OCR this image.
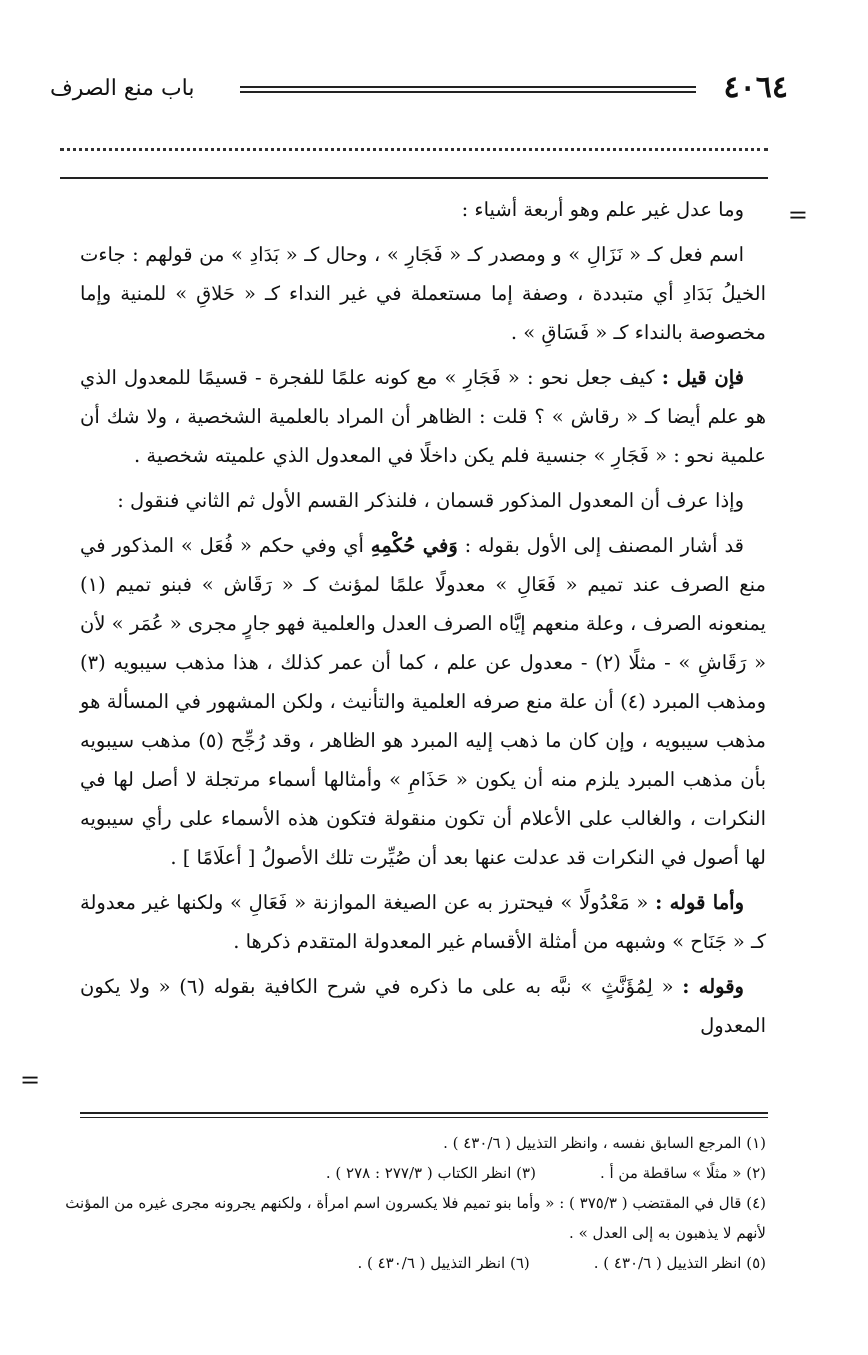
٤٠٦٤
باب منع الصرف
=

وما عدل غير علم وهو أربعة أشياء :

اسم فعل كـ « نَزَالِ » و ومصدر كـ « فَجَارِ » ، وحال كـ « بَدَادِ » من قولهم : جاءت الخيلُ بَدَادِ أي متبددة ، وصفة إما مستعملة في غير النداء كـ « حَلاقِ » للمنية وإما مخصوصة بالنداء كـ « فَسَاقِ » .

فإن قيل : كيف جعل نحو : « فَجَارِ » مع كونه علمًا للفجرة - قسيمًا للمعدول الذي هو علم أيضا كـ « رقاش » ؟ قلت : الظاهر أن المراد بالعلمية الشخصية ، ولا شك أن علمية نحو : « فَجَارِ » جنسية فلم يكن داخلًا في المعدول الذي علميته شخصية .

وإذا عرف أن المعدول المذكور قسمان ، فلنذكر القسم الأول ثم الثاني فنقول :

قد أشار المصنف إلى الأول بقوله : وَفي حُكْمِهِ أي وفي حكم « فُعَل » المذكور في منع الصرف عند تميم « فَعَالِ » معدولًا علمًا لمؤنث كـ « رَقَاش » فبنو تميم (١) يمنعونه الصرف ، وعلة منعهم إيَّاه الصرف العدل والعلمية فهو جارٍ مجرى « عُمَر » لأن « رَقَاشِ » - مثلًا (٢) - معدول عن علم ، كما أن عمر كذلك ، هذا مذهب سيبويه (٣) ومذهب المبرد (٤) أن علة منع صرفه العلمية والتأنيث ، ولكن المشهور في المسألة هو مذهب سيبويه ، وإن كان ما ذهب إليه المبرد هو الظاهر ، وقد رُجِّح (٥) مذهب سيبويه بأن مذهب المبرد يلزم منه أن يكون « حَذَامِ » وأمثالها أسماء مرتجلة لا أصل لها في النكرات ، والغالب على الأعلام أن تكون منقولة فتكون هذه الأسماء على رأي سيبويه لها أصول في النكرات قد عدلت عنها بعد أن صُيِّرت تلك الأصولُ [ أعلَامًا ] .

وأما قوله : « مَعْدُولًا » فيحترز به عن الصيغة الموازنة « فَعَالِ » ولكنها غير معدولة كـ « جَنَاح » وشبهه من أمثلة الأقسام غير المعدولة المتقدم ذكرها .

وقوله : « لِمُؤَنَّثٍ » نبَّه به على ما ذكره في شرح الكافية بقوله (٦) « ولا يكون المعدول

=

(١) المرجع السابق نفسه ، وانظر التذييل ( ٤٣٠/٦ ) .

(٢) « مثلًا » ساقطة من أ .
(٣) انظر الكتاب ( ٢٧٧/٣ : ٢٧٨ ) .

(٤) قال في المقتضب ( ٣٧٥/٣ ) : « وأما بنو تميم فلا يكسرون اسم امرأة ، ولكنهم يجرونه مجرى غيره من المؤنث لأنهم لا يذهبون به إلى العدل » .

(٥) انظر التذييل ( ٤٣٠/٦ ) .
(٦) انظر التذييل ( ٤٣٠/٦ ) .
